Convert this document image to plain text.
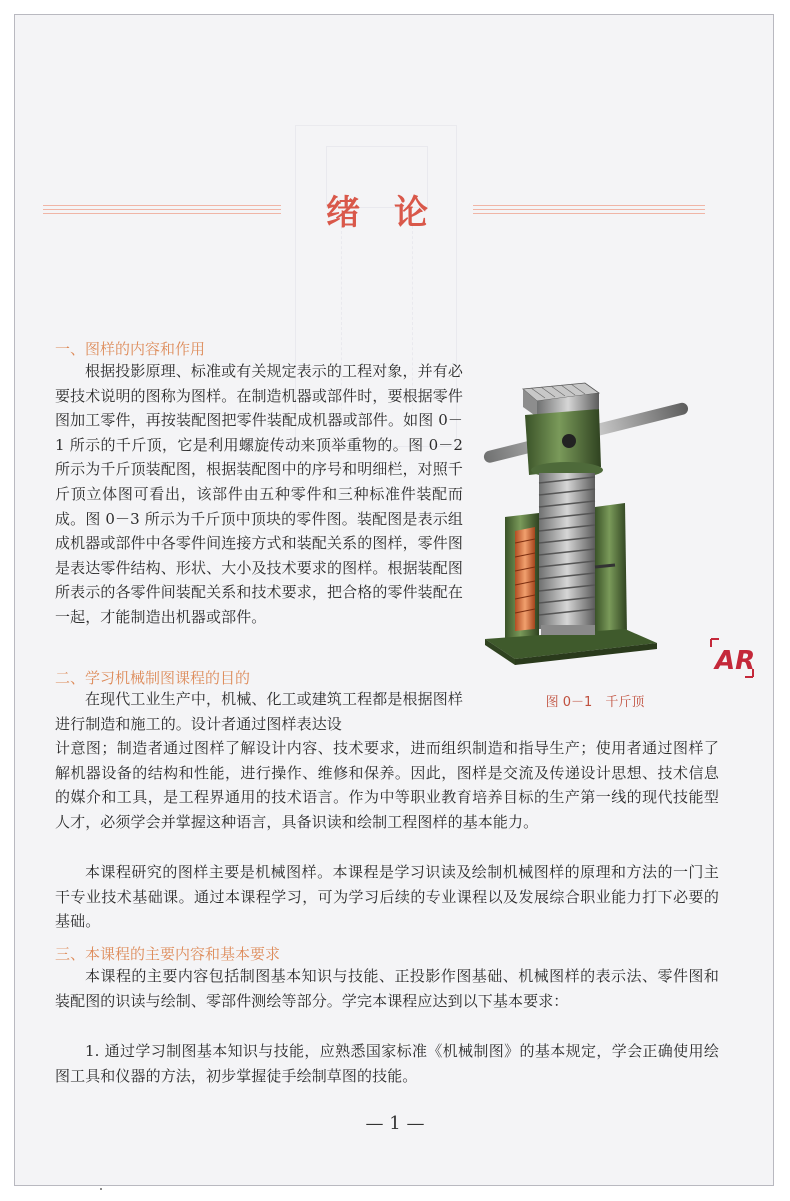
绪论
一、图样的内容和作用
根据投影原理、标准或有关规定表示的工程对象，并有必要技术说明的图称为图样。在制造机器或部件时，要根据零件图加工零件，再按装配图把零件装配成机器或部件。如图 0－1 所示的千斤顶，它是利用螺旋传动来顶举重物的。图 0－2 所示为千斤顶装配图，根据装配图中的序号和明细栏，对照千斤顶立体图可看出，该部件由五种零件和三种标准件装配而成。图 0－3 所示为千斤顶中顶块的零件图。装配图是表示组成机器或部件中各零件间连接方式和装配关系的图样，零件图是表达零件结构、形状、大小及技术要求的图样。根据装配图所表示的各零件间装配关系和技术要求，把合格的零件装配在一起，才能制造出机器或部件。
二、学习机械制图课程的目的
在现代工业生产中，机械、化工或建筑工程都是根据图样进行制造和施工的。设计者通过图样表达设
计意图；制造者通过图样了解设计内容、技术要求，进而组织制造和指导生产；使用者通过图样了解机器设备的结构和性能，进行操作、维修和保养。因此，图样是交流及传递设计思想、技术信息的媒介和工具，是工程界通用的技术语言。作为中等职业教育培养目标的生产第一线的现代技能型人才，必须学会并掌握这种语言，具备识读和绘制工程图样的基本能力。
本课程研究的图样主要是机械图样。本课程是学习识读及绘制机械图样的原理和方法的一门主干专业技术基础课。通过本课程学习，可为学习后续的专业课程以及发展综合职业能力打下必要的基础。
三、本课程的主要内容和基本要求
本课程的主要内容包括制图基本知识与技能、正投影作图基础、机械图样的表示法、零件图和装配图的识读与绘制、零部件测绘等部分。学完本课程应达到以下基本要求：
1. 通过学习制图基本知识与技能，应熟悉国家标准《机械制图》的基本规定，学会正确使用绘图工具和仪器的方法，初步掌握徒手绘制草图的技能。
图 0－1　千斤顶
AR
— 1 —
